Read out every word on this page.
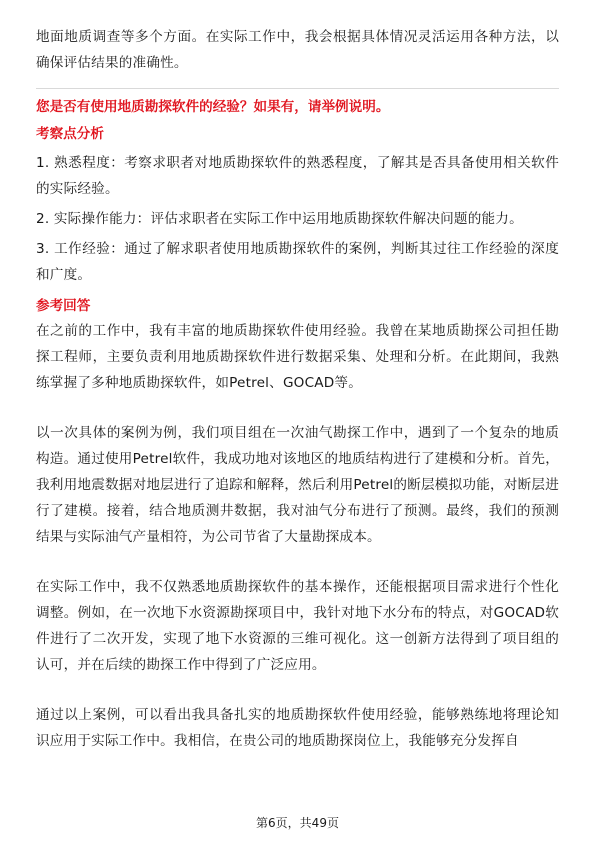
地面地质调查等多个方面。在实际工作中，我会根据具体情况灵活运用各种方法，以确保评估结果的准确性。

您是否有使用地质勘探软件的经验？如果有，请举例说明。

考察点分析

1. 熟悉程度：考察求职者对地质勘探软件的熟悉程度，了解其是否具备使用相关软件的实际经验。

2. 实际操作能力：评估求职者在实际工作中运用地质勘探软件解决问题的能力。

3. 工作经验：通过了解求职者使用地质勘探软件的案例，判断其过往工作经验的深度和广度。

参考回答

在之前的工作中，我有丰富的地质勘探软件使用经验。我曾在某地质勘探公司担任勘探工程师，主要负责利用地质勘探软件进行数据采集、处理和分析。在此期间，我熟练掌握了多种地质勘探软件，如Petrel、GOCAD等。

以一次具体的案例为例，我们项目组在一次油气勘探工作中，遇到了一个复杂的地质构造。通过使用Petrel软件，我成功地对该地区的地质结构进行了建模和分析。首先，我利用地震数据对地层进行了追踪和解释，然后利用Petrel的断层模拟功能，对断层进行了建模。接着，结合地质测井数据，我对油气分布进行了预测。最终，我们的预测结果与实际油气产量相符，为公司节省了大量勘探成本。

在实际工作中，我不仅熟悉地质勘探软件的基本操作，还能根据项目需求进行个性化调整。例如，在一次地下水资源勘探项目中，我针对地下水分布的特点，对GOCAD软件进行了二次开发，实现了地下水资源的三维可视化。这一创新方法得到了项目组的认可，并在后续的勘探工作中得到了广泛应用。

通过以上案例，可以看出我具备扎实的地质勘探软件使用经验，能够熟练地将理论知识应用于实际工作中。我相信，在贵公司的地质勘探岗位上，我能够充分发挥自

第6页，共49页
